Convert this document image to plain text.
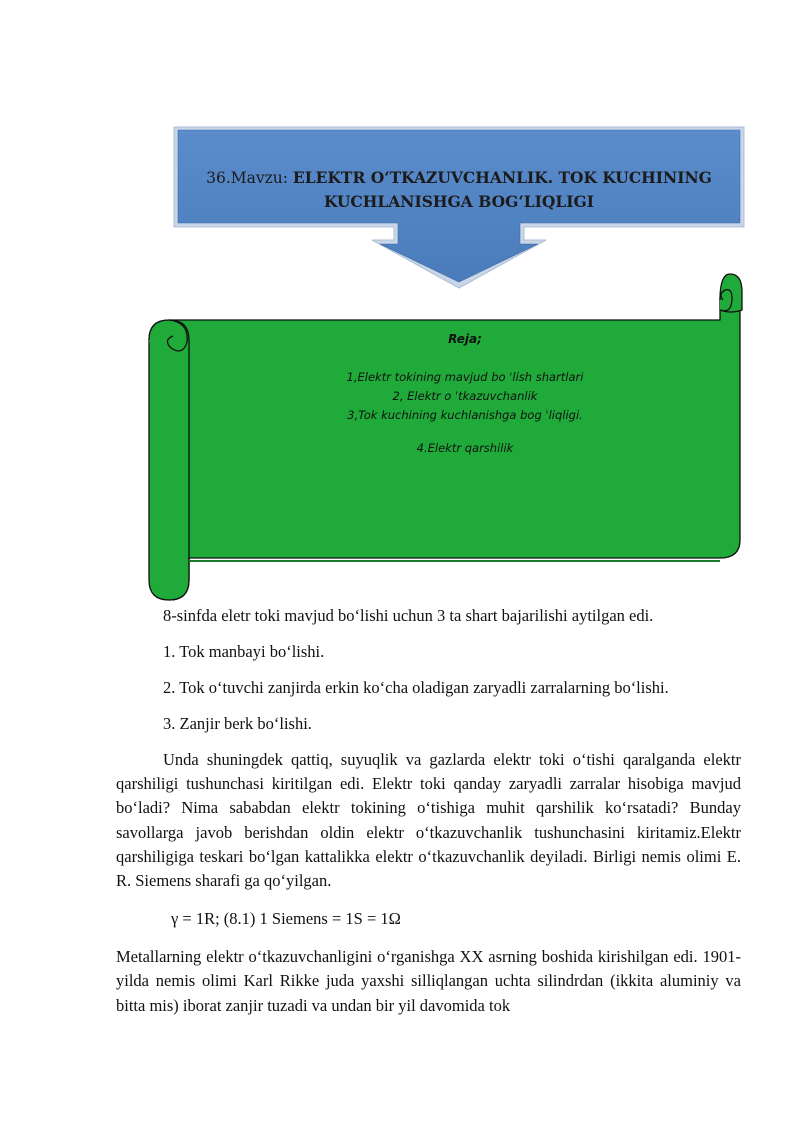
36.Mavzu: ELEKTR O‘TKAZUVCHANLIK. TOK KUCHINING
KUCHLANISHGA BOG‘LIQLIGI
Reja;
1,Elektr tokining mavjud bo ˈlish shartlari
2, Elektr o ˈtkazuvchanlik
3,Tok kuchining kuchlanishga bog ˈliqligi.
4.Elektr qarshilik

8-sinfda eletr toki mavjud bo‘lishi uchun 3 ta shart bajarilishi aytilgan edi.

1. Tok manbayi bo‘lishi.

2. Tok o‘tuvchi zanjirda erkin ko‘cha oladigan zaryadli zarralarning bo‘lishi.

3. Zanjir berk bo‘lishi.

Unda shuningdek qattiq, suyuqlik va gazlarda elektr toki o‘tishi qaralganda elektr qarshiligi tushunchasi kiritilgan edi. Elektr toki qanday zaryadli zarralar hisobiga mavjud bo‘ladi? Nima sababdan elektr tokining o‘tishiga muhit qarshilik ko‘rsatadi? Bunday savollarga javob berishdan oldin elektr o‘tkazuvchanlik tushunchasini kiritamiz.Elektr qarshiligiga teskari bo‘lgan kattalikka elektr o‘tkazuvchanlik deyiladi. Birligi nemis olimi E. R. Siemens sharafi ga qo‘yilgan.

γ = 1R; (8.1) 1 Siemens = 1S = 1Ω

Metallarning elektr o‘tkazuvchanligini o‘rganishga XX asrning boshida kirishilgan edi. 1901-yilda nemis olimi Karl Rikke juda yaxshi silliqlangan uchta silindrdan (ikkita aluminiy va bitta mis) iborat zanjir tuzadi va undan bir yil davomida tok
